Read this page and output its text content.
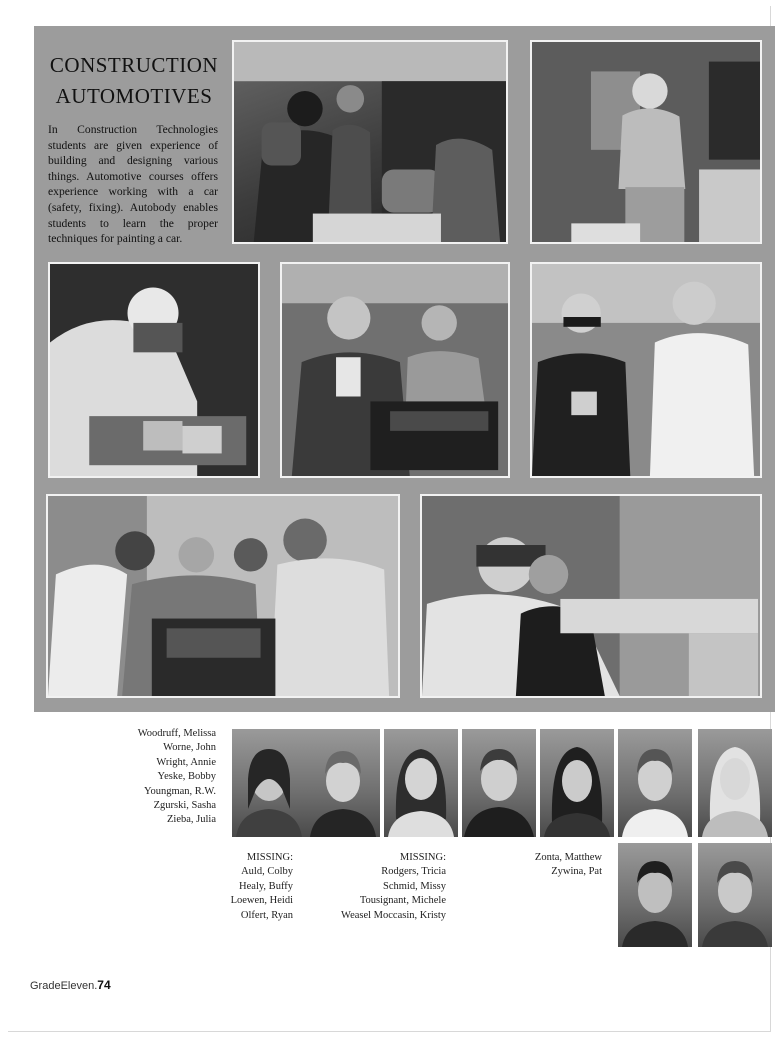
CONSTRUCTION
AUTOMOTIVES
In Construction Technologies students are given experience of building and designing various things. Automotive courses offers experience working with a car (safety, fixing). Autobody enables students to learn the proper techniques for painting a car.
Woodruff, Melissa
Worne, John
Wright, Annie
Yeske, Bobby
Youngman, R.W.
Zgurski, Sasha
Zieba, Julia
MISSING:
Auld, Colby
Healy, Buffy
Loewen, Heidi
Olfert, Ryan
MISSING:
Rodgers, Tricia
Schmid, Missy
Tousignant, Michele
Weasel Moccasin, Kristy
Zonta, Matthew
Zywina, Pat
GradeEleven.74
